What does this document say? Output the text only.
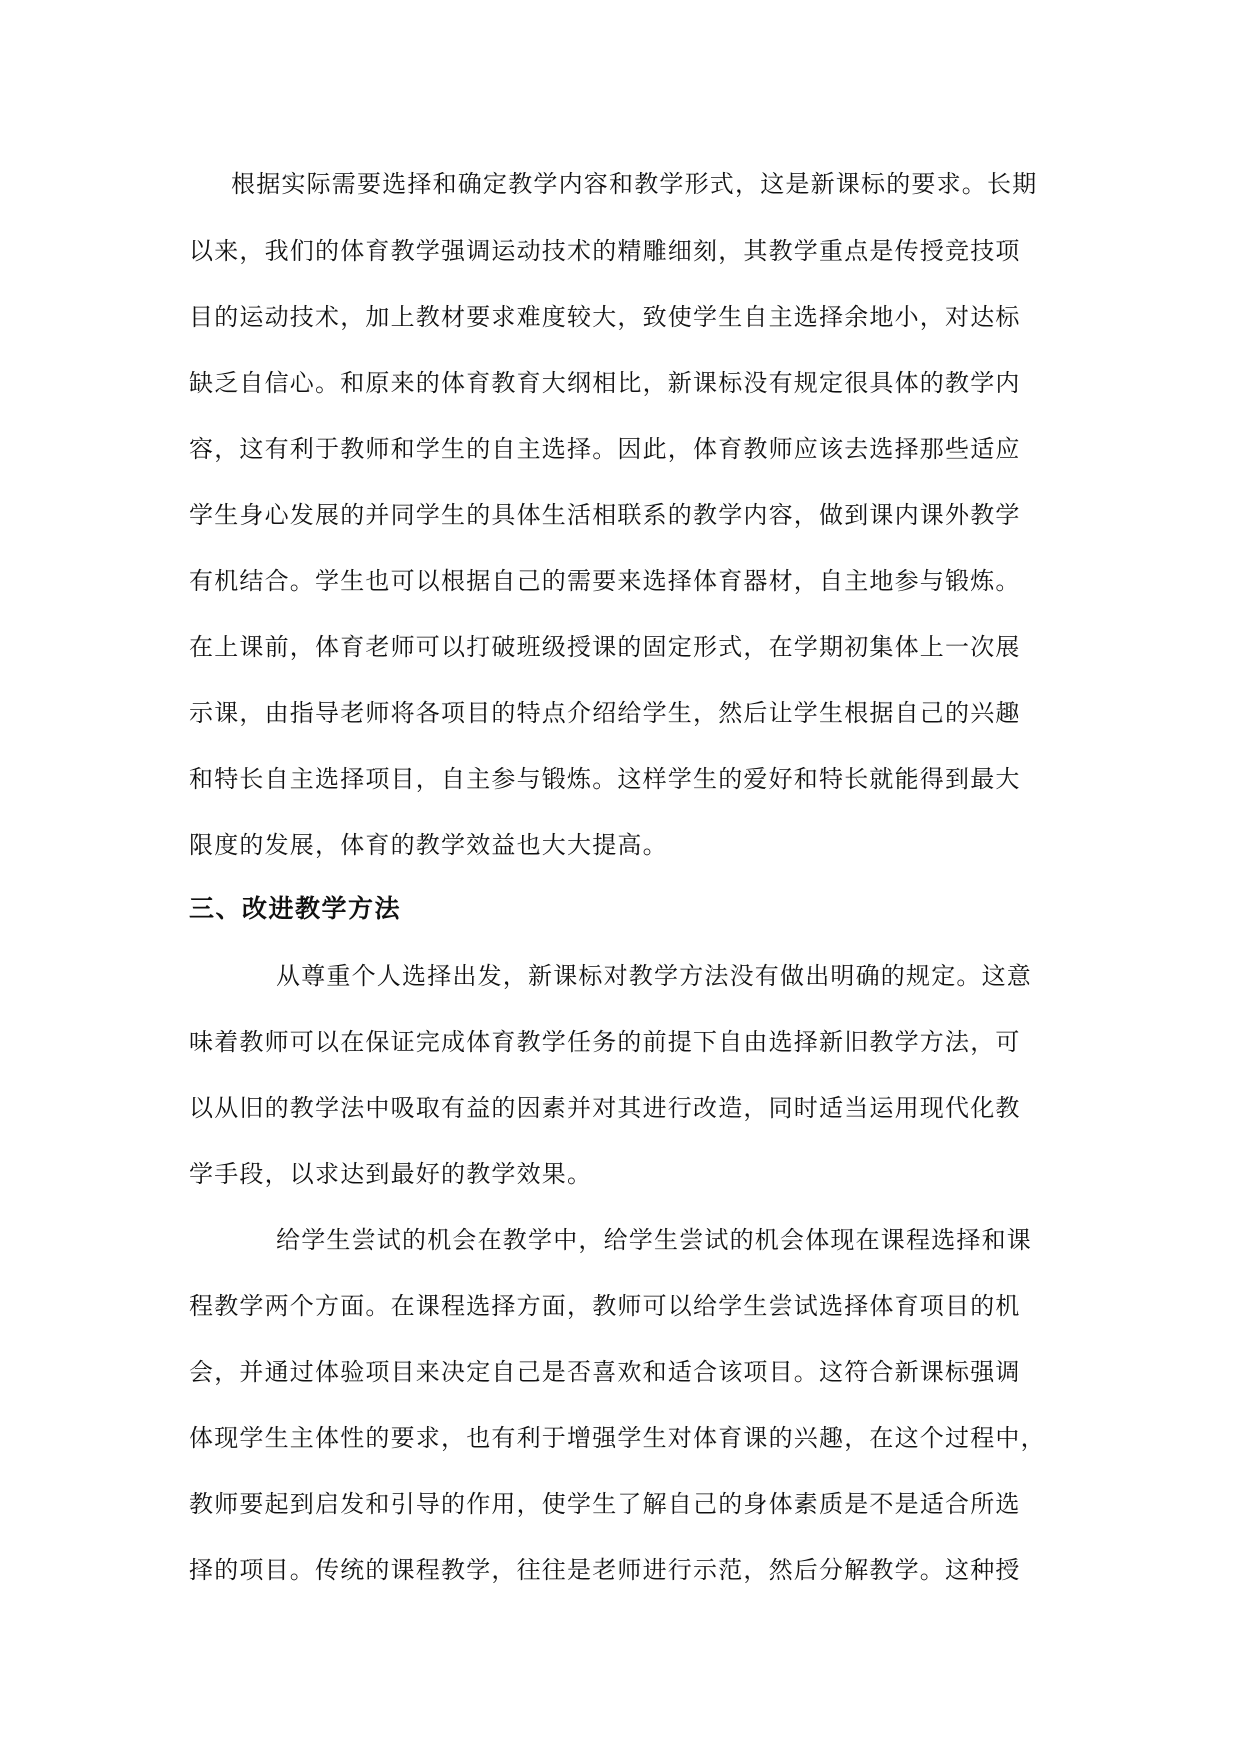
根据实际需要选择和确定教学内容和教学形式，这是新课标的要求。长期
以来，我们的体育教学强调运动技术的精雕细刻，其教学重点是传授竞技项
目的运动技术，加上教材要求难度较大，致使学生自主选择余地小，对达标
缺乏自信心。和原来的体育教育大纲相比，新课标没有规定很具体的教学内
容，这有利于教师和学生的自主选择。因此，体育教师应该去选择那些适应
学生身心发展的并同学生的具体生活相联系的教学内容，做到课内课外教学
有机结合。学生也可以根据自己的需要来选择体育器材，自主地参与锻炼。
在上课前，体育老师可以打破班级授课的固定形式，在学期初集体上一次展
示课，由指导老师将各项目的特点介绍给学生，然后让学生根据自己的兴趣
和特长自主选择项目，自主参与锻炼。这样学生的爱好和特长就能得到最大
限度的发展，体育的教学效益也大大提高。
三、改进教学方法
从尊重个人选择出发，新课标对教学方法没有做出明确的规定。这意
味着教师可以在保证完成体育教学任务的前提下自由选择新旧教学方法，可
以从旧的教学法中吸取有益的因素并对其进行改造，同时适当运用现代化教
学手段，以求达到最好的教学效果。
给学生尝试的机会在教学中，给学生尝试的机会体现在课程选择和课
程教学两个方面。在课程选择方面，教师可以给学生尝试选择体育项目的机
会，并通过体验项目来决定自己是否喜欢和适合该项目。这符合新课标强调
体现学生主体性的要求，也有利于增强学生对体育课的兴趣，在这个过程中，
教师要起到启发和引导的作用，使学生了解自己的身体素质是不是适合所选
择的项目。传统的课程教学，往往是老师进行示范，然后分解教学。这种授
